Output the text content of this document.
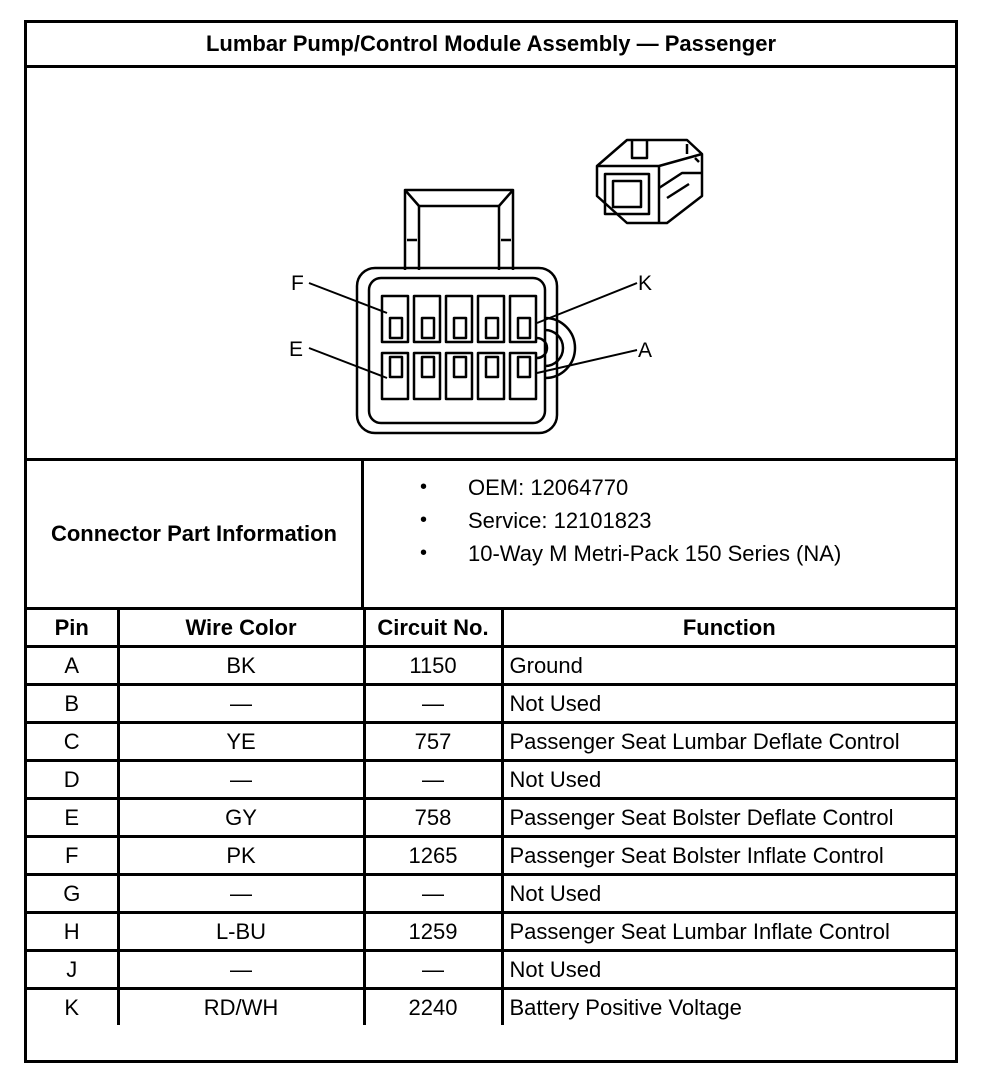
Lumbar Pump/Control Module Assembly — Passenger
F
E
K
A
Connector Part Information
• OEM: 12064770
• Service: 12101823
• 10-Way M Metri-Pack 150 Series (NA)
Pin	Wire Color	Circuit No.	Function
A	BK	1150	Ground
B	—	—	Not Used
C	YE	757	Passenger Seat Lumbar Deflate Control
D	—	—	Not Used
E	GY	758	Passenger Seat Bolster Deflate Control
F	PK	1265	Passenger Seat Bolster Inflate Control
G	—	—	Not Used
H	L-BU	1259	Passenger Seat Lumbar Inflate Control
J	—	—	Not Used
K	RD/WH	2240	Battery Positive Voltage
